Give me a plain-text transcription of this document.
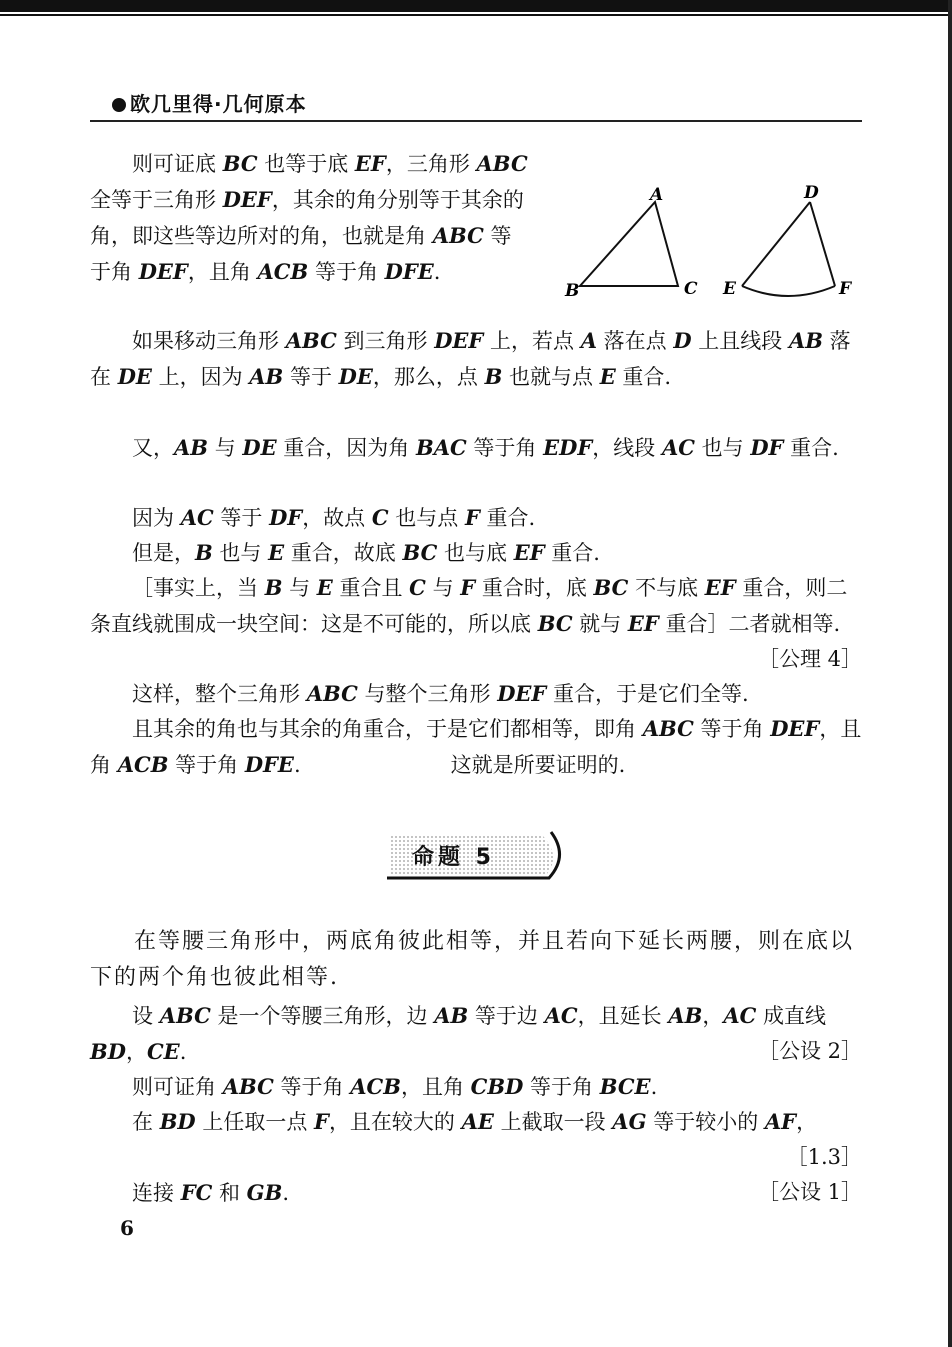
欧几里得·几何原本
A
B	C
D
E	F

则可证底 BC 也等于底 EF，三角形 ABC 全等于三角形 DEF，其余的角分别等于其余的角，即这些等边所对的角，也就是角 ABC 等于角 DEF，且角 ACB 等于角 DFE.

如果移动三角形 ABC 到三角形 DEF 上，若点 A 落在点 D 上且线段 AB 落在 DE 上，因为 AB 等于 DE，那么，点 B 也就与点 E 重合.

又，AB 与 DE 重合，因为角 BAC 等于角 EDF，线段 AC 也与 DF 重合.

因为 AC 等于 DF，故点 C 也与点 F 重合.

但是，B 也与 E 重合，故底 BC 也与底 EF 重合.

［事实上，当 B 与 E 重合且 C 与 F 重合时，底 BC 不与底 EF 重合，则二条直线就围成一块空间：这是不可能的，所以底 BC 就与 EF 重合］二者就相等.
［公理 4］

这样，整个三角形 ABC 与整个三角形 DEF 重合，于是它们全等.

且其余的角也与其余的角重合，于是它们都相等，即角 ABC 等于角 DEF，且角 ACB 等于角 DFE.	这就是所要证明的.

命题 5

在等腰三角形中，两底角彼此相等，并且若向下延长两腰，则在底以下的两个角也彼此相等.

设 ABC 是一个等腰三角形，边 AB 等于边 AC，且延长 AB，AC 成直线 BD，CE.	［公设 2］

则可证角 ABC 等于角 ACB，且角 CBD 等于角 BCE.

在 BD 上任取一点 F，且在较大的 AE 上截取一段 AG 等于较小的 AF，
［1.3］

连接 FC 和 GB.	［公设 1］

6
